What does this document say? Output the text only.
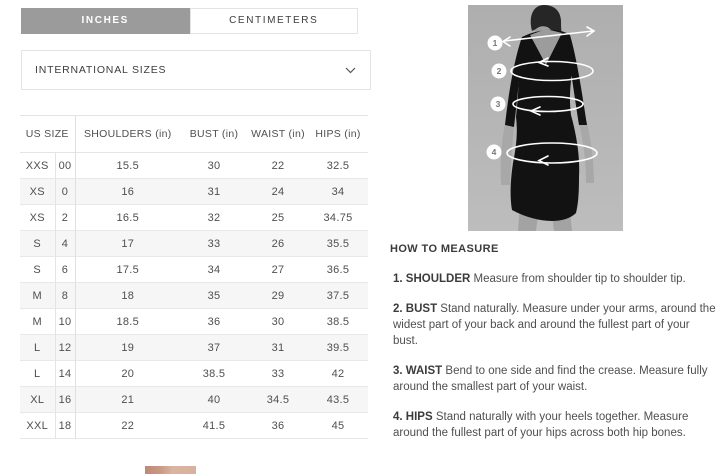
INCHES	CENTIMETERS
INTERNATIONAL SIZES
US SIZE		SHOULDERS (in)	BUST (in)	WAIST (in)	HIPS (in)
XXS	00	15.5	30	22	32.5
XS	0	16	31	24	34
XS	2	16.5	32	25	34.75
S	4	17	33	26	35.5
S	6	17.5	34	27	36.5
M	8	18	35	29	37.5
M	10	18.5	36	30	38.5
L	12	19	37	31	39.5
L	14	20	38.5	33	42
XL	16	21	40	34.5	43.5
XXL	18	22	41.5	36	45
1
2
3
4
HOW TO MEASURE

1. SHOULDER Measure from shoulder tip to shoulder tip.

2. BUST Stand naturally. Measure under your arms, around the widest part of your back and around the fullest part of your bust.

3. WAIST Bend to one side and find the crease. Measure fully around the smallest part of your waist.

4. HIPS Stand naturally with your heels together. Measure around the fullest part of your hips across both hip bones.
